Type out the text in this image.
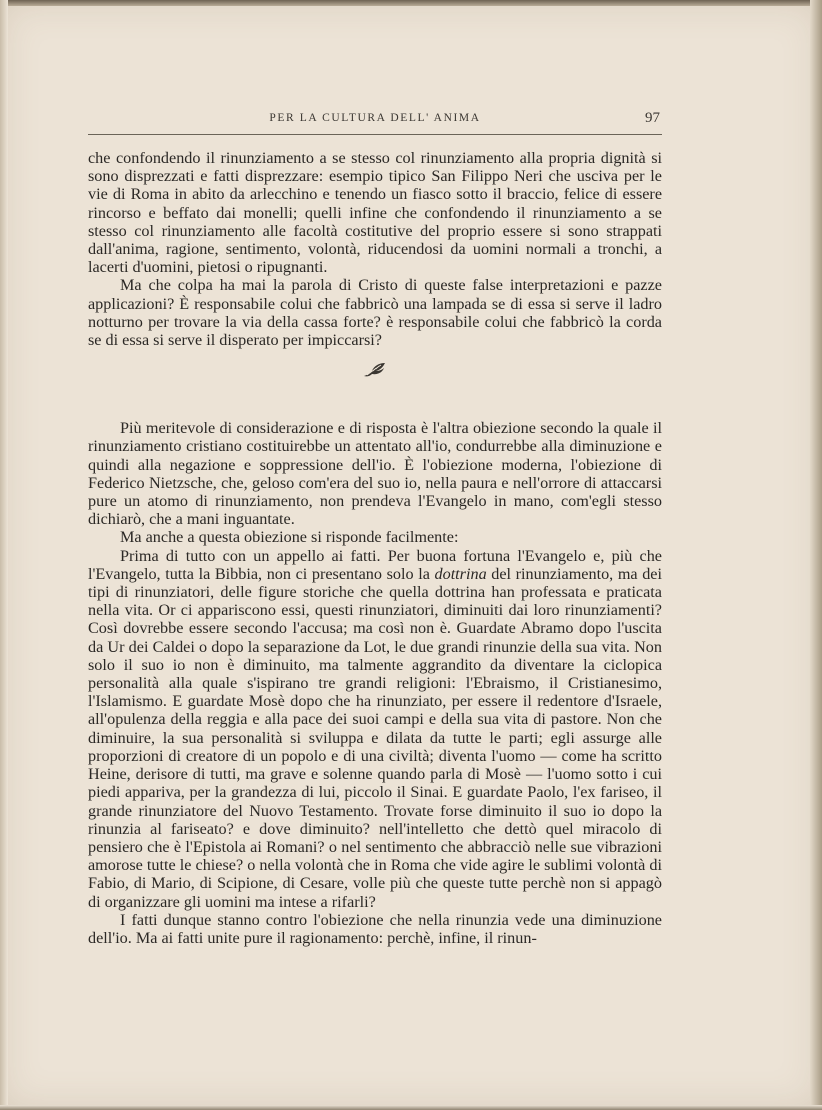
PER LA CULTURA DELL' ANIMA	97

che confondendo il rinunziamento a se stesso col rinunziamento alla propria dignità si sono disprezzati e fatti disprezzare: esempio tipico San Filippo Neri che usciva per le vie di Roma in abito da arlecchino e tenendo un fiasco sotto il braccio, felice di essere rincorso e beffato dai monelli; quelli infine che confondendo il rinunziamento a se stesso col rinunziamento alle facoltà costitutive del proprio essere si sono strappati dall'anima, ragione, sentimento, volontà, riducendosi da uomini normali a tronchi, a lacerti d'uomini, pietosi o ripugnanti.

Ma che colpa ha mai la parola di Cristo di queste false interpretazioni e pazze applicazioni? È responsabile colui che fabbricò una lampada se di essa si serve il ladro notturno per trovare la via della cassa forte? è responsabile colui che fabbricò la corda se di essa si serve il disperato per impiccarsi?

Più meritevole di considerazione e di risposta è l'altra obiezione secondo la quale il rinunziamento cristiano costituirebbe un attentato all'io, condurrebbe alla diminuzione e quindi alla negazione e soppressione dell'io. È l'obiezione moderna, l'obiezione di Federico Nietzsche, che, geloso com'era del suo io, nella paura e nell'orrore di attaccarsi pure un atomo di rinunziamento, non prendeva l'Evangelo in mano, com'egli stesso dichiarò, che a mani inguantate.

Ma anche a questa obiezione si risponde facilmente:

Prima di tutto con un appello ai fatti. Per buona fortuna l'Evangelo e, più che l'Evangelo, tutta la Bibbia, non ci presentano solo la dottrina del rinunziamento, ma dei tipi di rinunziatori, delle figure storiche che quella dottrina han professata e praticata nella vita. Or ci appariscono essi, questi rinunziatori, diminuiti dai loro rinunziamenti? Così dovrebbe essere secondo l'accusa; ma così non è. Guardate Abramo dopo l'uscita da Ur dei Caldei o dopo la separazione da Lot, le due grandi rinunzie della sua vita. Non solo il suo io non è diminuito, ma talmente aggrandito da diventare la ciclopica personalità alla quale s'ispirano tre grandi religioni: l'Ebraismo, il Cristianesimo, l'Islamismo. E guardate Mosè dopo che ha rinunziato, per essere il redentore d'Israele, all'opulenza della reggia e alla pace dei suoi campi e della sua vita di pastore. Non che diminuire, la sua personalità si sviluppa e dilata da tutte le parti; egli assurge alle proporzioni di creatore di un popolo e di una civiltà; diventa l'uomo — come ha scritto Heine, derisore di tutti, ma grave e solenne quando parla di Mosè — l'uomo sotto i cui piedi appariva, per la grandezza di lui, piccolo il Sinai. E guardate Paolo, l'ex fariseo, il grande rinunziatore del Nuovo Testamento. Trovate forse diminuito il suo io dopo la rinunzia al fariseato? e dove diminuito? nell'intelletto che dettò quel miracolo di pensiero che è l'Epistola ai Romani? o nel sentimento che abbracciò nelle sue vibrazioni amorose tutte le chiese? o nella volontà che in Roma che vide agire le sublimi volontà di Fabio, di Mario, di Scipione, di Cesare, volle più che queste tutte perchè non si appagò di organizzare gli uomini ma intese a rifarli?

I fatti dunque stanno contro l'obiezione che nella rinunzia vede una diminuzione dell'io. Ma ai fatti unite pure il ragionamento: perchè, infine, il rinun-
